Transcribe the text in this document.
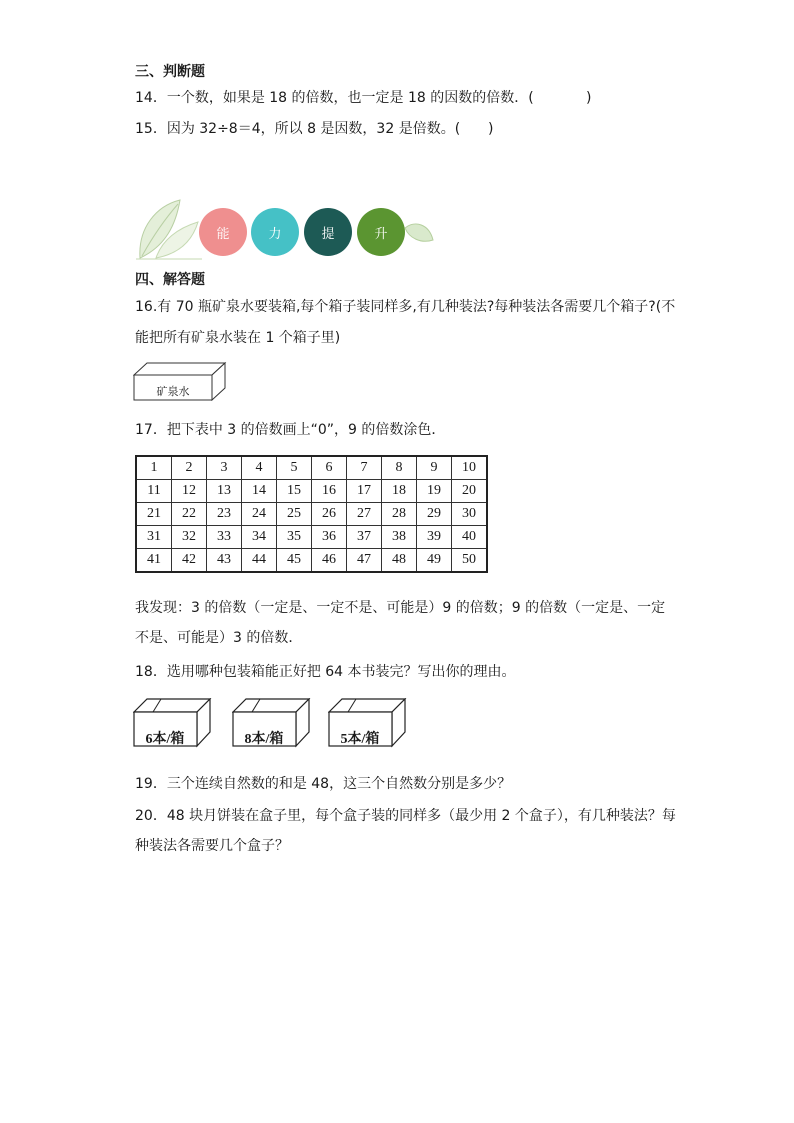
三、判断题
14．一个数，如果是 18 的倍数，也一定是 18 的因数的倍数．(	)
15．因为 32÷8＝4，所以 8 是因数，32 是倍数。( )
能	力	提	升
四、解答题
16.有 70 瓶矿泉水要装箱,每个箱子装同样多,有几种装法?每种装法各需要几个箱子?(不
能把所有矿泉水装在 1 个箱子里)
矿泉水
17．把下表中 3 的倍数画上“0”，9 的倍数涂色．
1	2	3	4	5	6	7	8	9	10
11	12	13	14	15	16	17	18	19	20
21	22	23	24	25	26	27	28	29	30
31	32	33	34	35	36	37	38	39	40
41	42	43	44	45	46	47	48	49	50
我发现：3 的倍数（一定是、一定不是、可能是）9 的倍数；9 的倍数（一定是、一定
不是、可能是）3 的倍数．
18．选用哪种包装箱能正好把 64 本书装完？写出你的理由。
6本/箱	8本/箱	5本/箱
19．三个连续自然数的和是 48，这三个自然数分别是多少？
20．48 块月饼装在盒子里，每个盒子装的同样多（最少用 2 个盒子），有几种装法？每
种装法各需要几个盒子？
